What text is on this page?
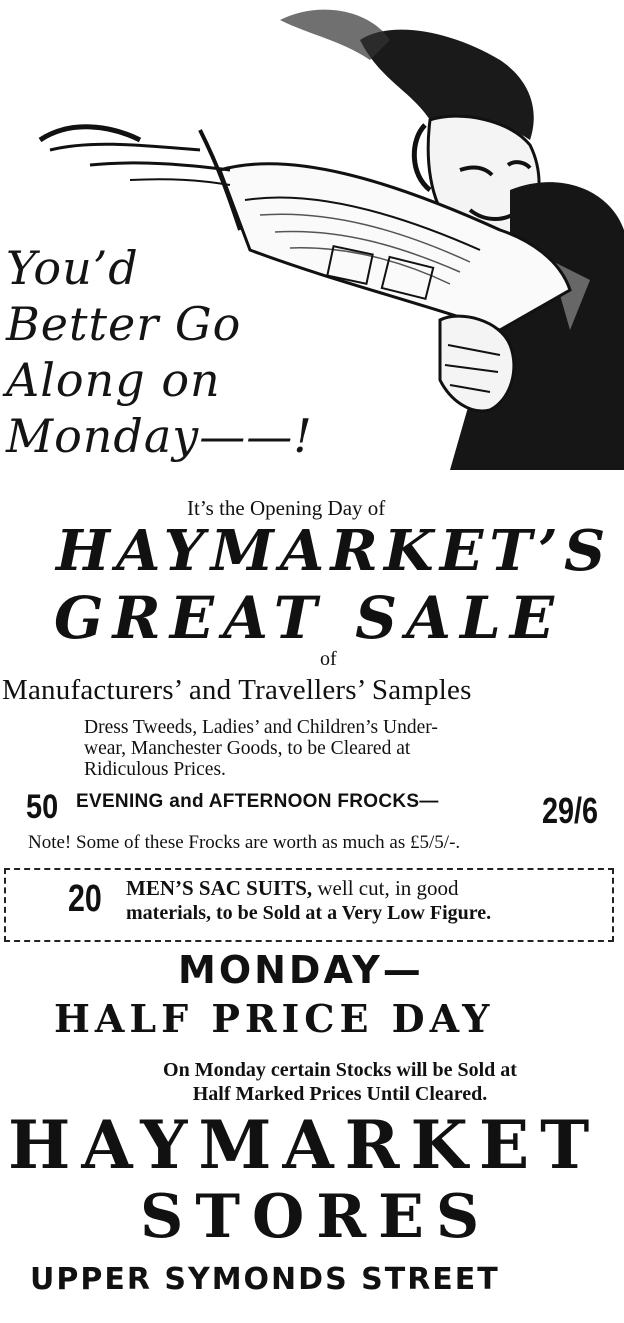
You’d
Better Go
Along on
Monday——!
It’s the Opening Day of
HAYMARKET’S
GREAT SALE
of
Manufacturers’ and Travellers’ Samples
Dress Tweeds, Ladies’ and Children’s Under-
wear, Manchester Goods, to be Cleared at
Ridiculous Prices.
50 EVENING and AFTERNOON FROCKS—	29/6
Note! Some of these Frocks are worth as much as £5/5/-.
20 MEN’S SAC SUITS, well cut, in good
materials, to be Sold at a Very Low Figure.
MONDAY—
HALF PRICE DAY
On Monday certain Stocks will be Sold at
Half Marked Prices Until Cleared.
HAYMARKET
STORES
UPPER SYMONDS STREET
